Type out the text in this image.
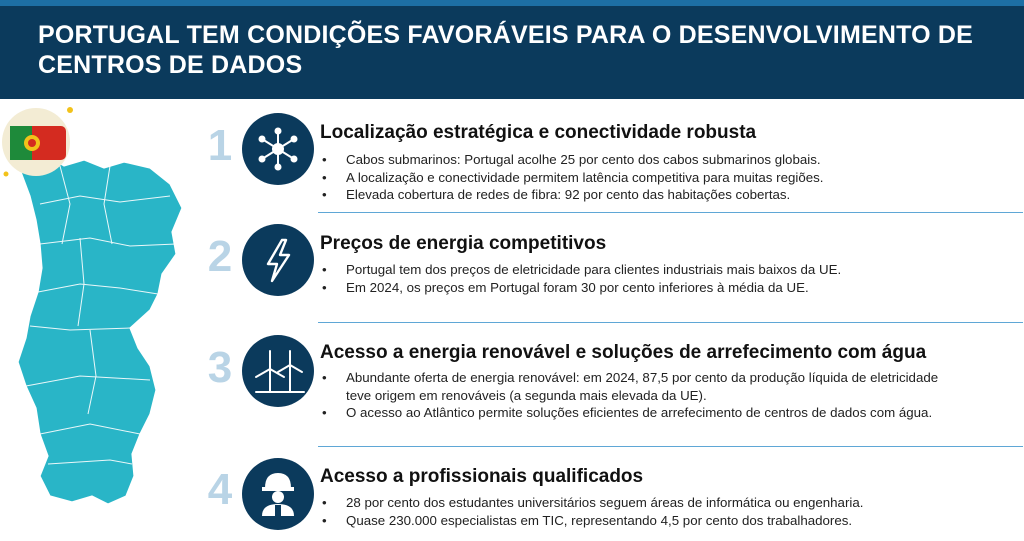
PORTUGAL TEM CONDIÇÕES FAVORÁVEIS PARA O DESENVOLVIMENTO DE CENTROS DE DADOS
1
2
3
4
Localização estratégica e conectividade robusta
• Cabos submarinos: Portugal acolhe 25 por cento dos cabos submarinos globais.
• A localização e conectividade permitem latência competitiva para muitas regiões.
• Elevada cobertura de redes de fibra: 92 por cento das habitações cobertas.
Preços de energia competitivos
• Portugal tem dos preços de eletricidade para clientes industriais mais baixos da UE.
• Em 2024, os preços em Portugal foram 30 por cento inferiores à média da UE.
Acesso a energia renovável e soluções de arrefecimento com água
• Abundante oferta de energia renovável: em 2024, 87,5 por cento da produção líquida de eletricidade teve origem em renováveis (a segunda mais elevada da UE).
• O acesso ao Atlântico permite soluções eficientes de arrefecimento de centros de dados com água.
Acesso a profissionais qualificados
• 28 por cento dos estudantes universitários seguem áreas de informática ou engenharia.
• Quase 230.000 especialistas em TIC, representando 4,5 por cento dos trabalhadores.
